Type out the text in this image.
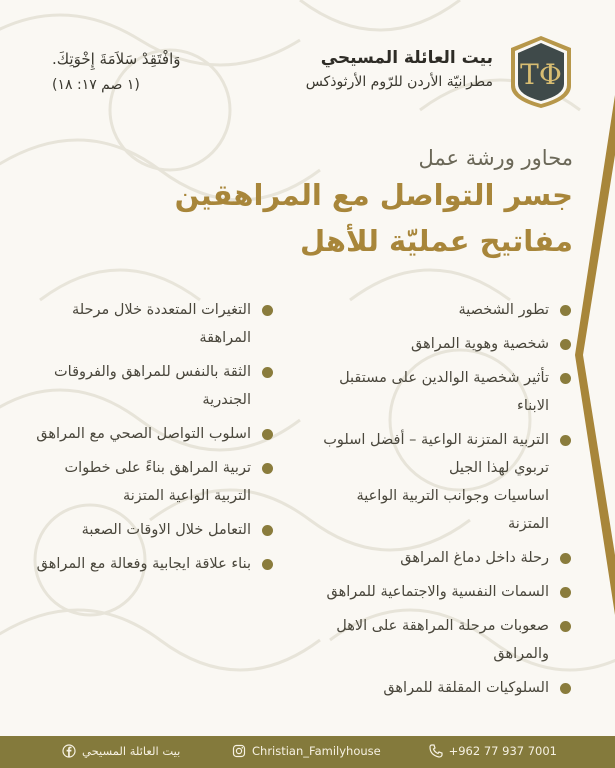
TΦ
بيت العائلة المسيحي
مطرانيّة الأردن للرّوم الأرثوذكس
وَافْتَقِدْ سَلاَمَةَ إِخْوَتِكَ.
(١ صم ١٧: ١٨)
محاور ورشة عمل
جسر التواصل مع المراهقين
مفاتيح عمليّة للأهل
تطور الشخصية
شخصية وهوية المراهق
تأثير شخصية الوالدين على مستقبل الابناء
التربية المتزنة الواعية – أفضل اسلوب تربوي لهذا الجيل
اساسيات وجوانب التربية الواعية المتزنة
رحلة داخل دماغ المراهق
السمات النفسية والاجتماعية للمراهق
صعوبات مرحلة المراهقة على الاهل والمراهق
السلوكيات المقلقة للمراهق
التغيرات المتعددة خلال مرحلة المراهقة
الثقة بالنفس للمراهق والفروقات الجندرية
اسلوب التواصل الصحي مع المراهق
تربية المراهق بناءً على خطوات التربية الواعية المتزنة
التعامل خلال الاوقات الصعبة
بناء علاقة ايجابية وفعالة مع المراهق
+962 77 937 7001
Christian_Familyhouse
بيت العائلة المسيحي
